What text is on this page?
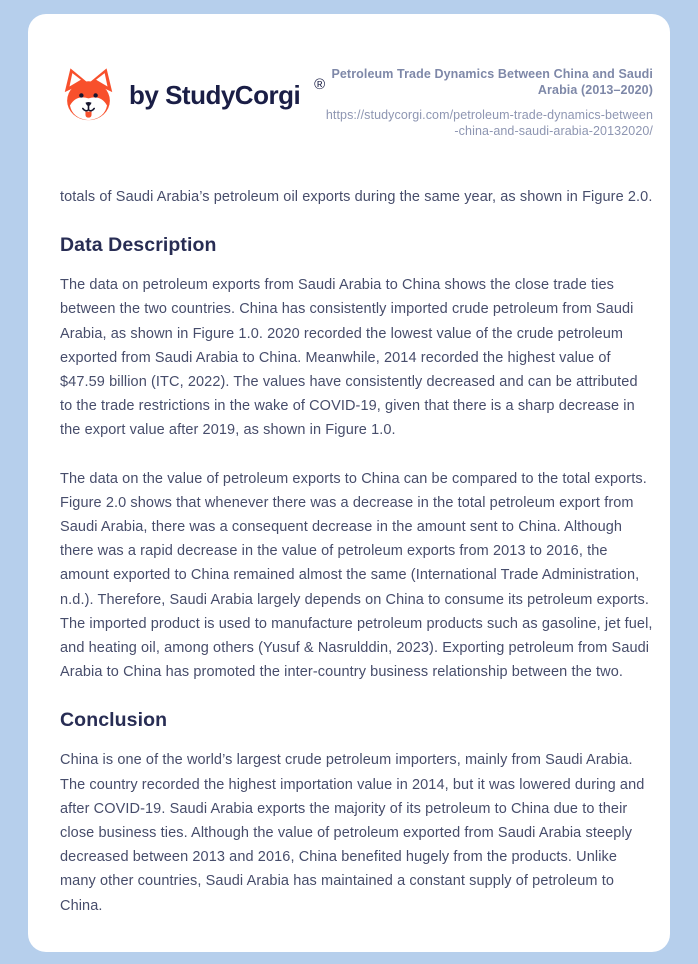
by StudyCorgi ®
Petroleum Trade Dynamics Between China and Saudi Arabia (2013–2020)
https://studycorgi.com/petroleum-trade-dynamics-between-china-and-saudi-arabia-20132020/

totals of Saudi Arabia’s petroleum oil exports during the same year, as shown in Figure 2.0.

Data Description

The data on petroleum exports from Saudi Arabia to China shows the close trade ties between the two countries. China has consistently imported crude petroleum from Saudi Arabia, as shown in Figure 1.0. 2020 recorded the lowest value of the crude petroleum exported from Saudi Arabia to China. Meanwhile, 2014 recorded the highest value of $47.59 billion (ITC, 2022). The values have consistently decreased and can be attributed to the trade restrictions in the wake of COVID-19, given that there is a sharp decrease in the export value after 2019, as shown in Figure 1.0.

The data on the value of petroleum exports to China can be compared to the total exports. Figure 2.0 shows that whenever there was a decrease in the total petroleum export from Saudi Arabia, there was a consequent decrease in the amount sent to China. Although there was a rapid decrease in the value of petroleum exports from 2013 to 2016, the amount exported to China remained almost the same (International Trade Administration, n.d.). Therefore, Saudi Arabia largely depends on China to consume its petroleum exports. The imported product is used to manufacture petroleum products such as gasoline, jet fuel, and heating oil, among others (Yusuf & Nasrulddin, 2023). Exporting petroleum from Saudi Arabia to China has promoted the inter-country business relationship between the two.

Conclusion

China is one of the world’s largest crude petroleum importers, mainly from Saudi Arabia. The country recorded the highest importation value in 2014, but it was lowered during and after COVID-19. Saudi Arabia exports the majority of its petroleum to China due to their close business ties. Although the value of petroleum exported from Saudi Arabia steeply decreased between 2013 and 2016, China benefited hugely from the products. Unlike many other countries, Saudi Arabia has maintained a constant supply of petroleum to China.
